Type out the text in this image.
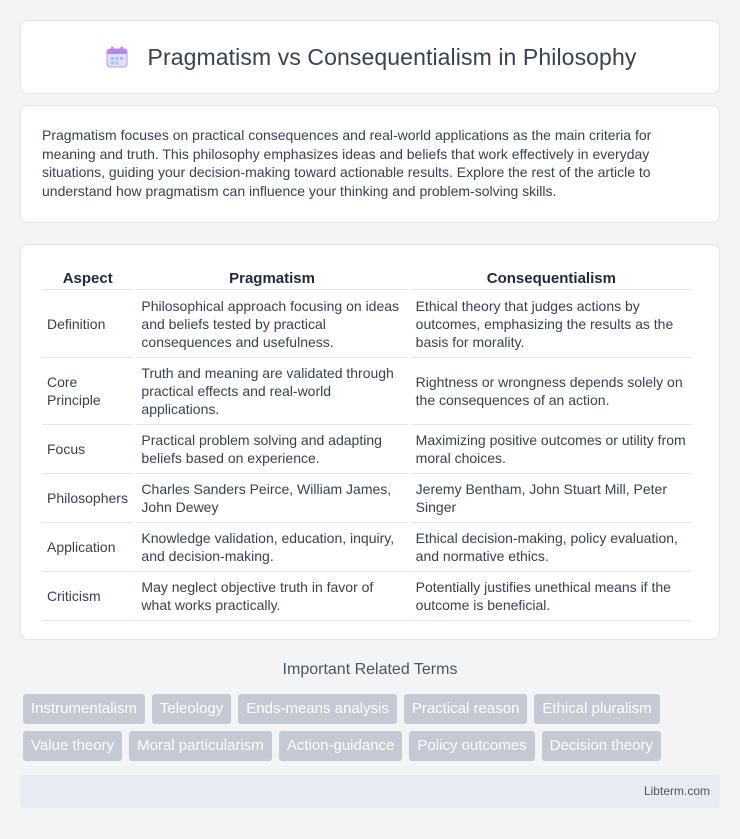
Pragmatism vs Consequentialism in Philosophy

Pragmatism focuses on practical consequences and real-world applications as the main criteria for meaning and truth. This philosophy emphasizes ideas and beliefs that work effectively in everyday situations, guiding your decision-making toward actionable results. Explore the rest of the article to understand how pragmatism can influence your thinking and problem-solving skills.

Aspect	Pragmatism	Consequentialism
Definition	Philosophical approach focusing on ideas and beliefs tested by practical consequences and usefulness.	Ethical theory that judges actions by outcomes, emphasizing the results as the basis for morality.
Core Principle	Truth and meaning are validated through practical effects and real-world applications.	Rightness or wrongness depends solely on the consequences of an action.
Focus	Practical problem solving and adapting beliefs based on experience.	Maximizing positive outcomes or utility from moral choices.
Philosophers	Charles Sanders Peirce, William James, John Dewey	Jeremy Bentham, John Stuart Mill, Peter Singer
Application	Knowledge validation, education, inquiry, and decision-making.	Ethical decision-making, policy evaluation, and normative ethics.
Criticism	May neglect objective truth in favor of what works practically.	Potentially justifies unethical means if the outcome is beneficial.
Important Related Terms
Instrumentalism	Teleology	Ends-means analysis	Practical reason	Ethical pluralism
Value theory	Moral particularism	Action-guidance	Policy outcomes	Decision theory
Libterm.com
